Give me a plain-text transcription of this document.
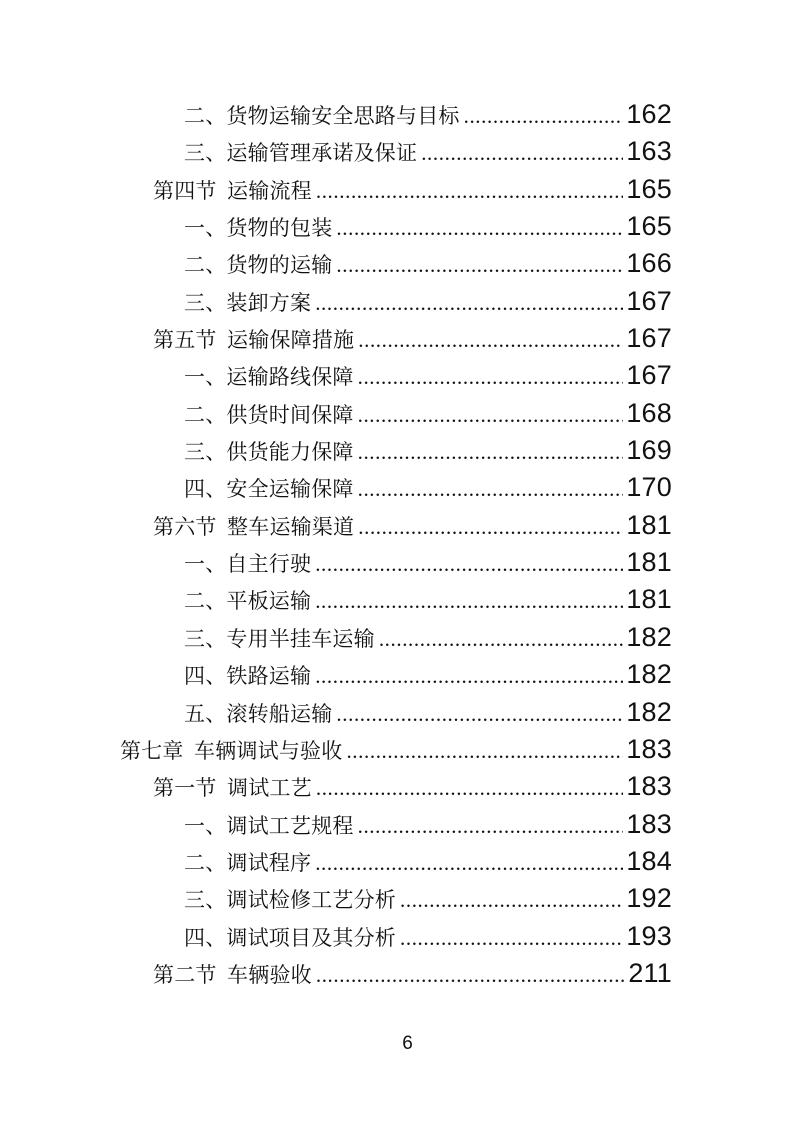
二、货物运输安全思路与目标 .....	162
三、运输管理承诺及保证 .....	163
第四节 运输流程 .....	165
一、货物的包装 .....	165
二、货物的运输 .....	166
三、装卸方案 .....	167
第五节 运输保障措施 .....	167
一、运输路线保障 .....	167
二、供货时间保障 .....	168
三、供货能力保障 .....	169
四、安全运输保障 .....	170
第六节 整车运输渠道 .....	181
一、自主行驶 .....	181
二、平板运输 .....	181
三、专用半挂车运输 .....	182
四、铁路运输 .....	182
五、滚转船运输 .....	182
第七章 车辆调试与验收 .....	183
第一节 调试工艺 .....	183
一、调试工艺规程 .....	183
二、调试程序 .....	184
三、调试检修工艺分析 .....	192
四、调试项目及其分析 .....	193
第二节 车辆验收 .....	211
6
